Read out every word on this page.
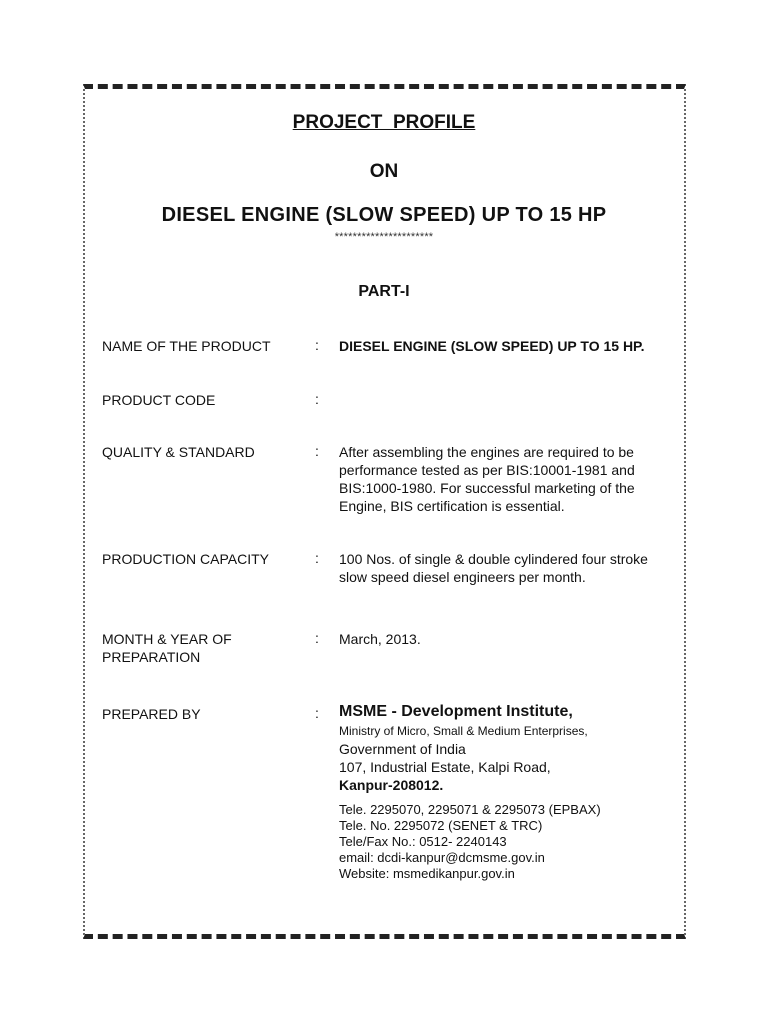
PROJECT  PROFILE
ON
DIESEL ENGINE (SLOW SPEED) UP TO 15 HP
**********************
PART-I
NAME OF THE PRODUCT	: DIESEL ENGINE (SLOW SPEED) UP TO 15 HP.
PRODUCT CODE	:
QUALITY & STANDARD	: After assembling the engines are required to be
performance tested as per BIS:10001-1981 and
BIS:1000-1980. For successful marketing of the
Engine, BIS certification is essential.
PRODUCTION CAPACITY	: 100 Nos. of single & double cylindered four stroke
slow speed diesel engineers per month.
MONTH & YEAR OF
PREPARATION
: March, 2013.
PREPARED BY	: MSME - Development Institute,
Ministry of Micro, Small & Medium Enterprises,
Government of India
107, Industrial Estate, Kalpi Road,
Kanpur-208012.
Tele. 2295070, 2295071 & 2295073 (EPBAX)
Tele. No. 2295072 (SENET & TRC)
Tele/Fax No.: 0512- 2240143
email: dcdi-kanpur@dcmsme.gov.in
Website: msmedikanpur.gov.in
